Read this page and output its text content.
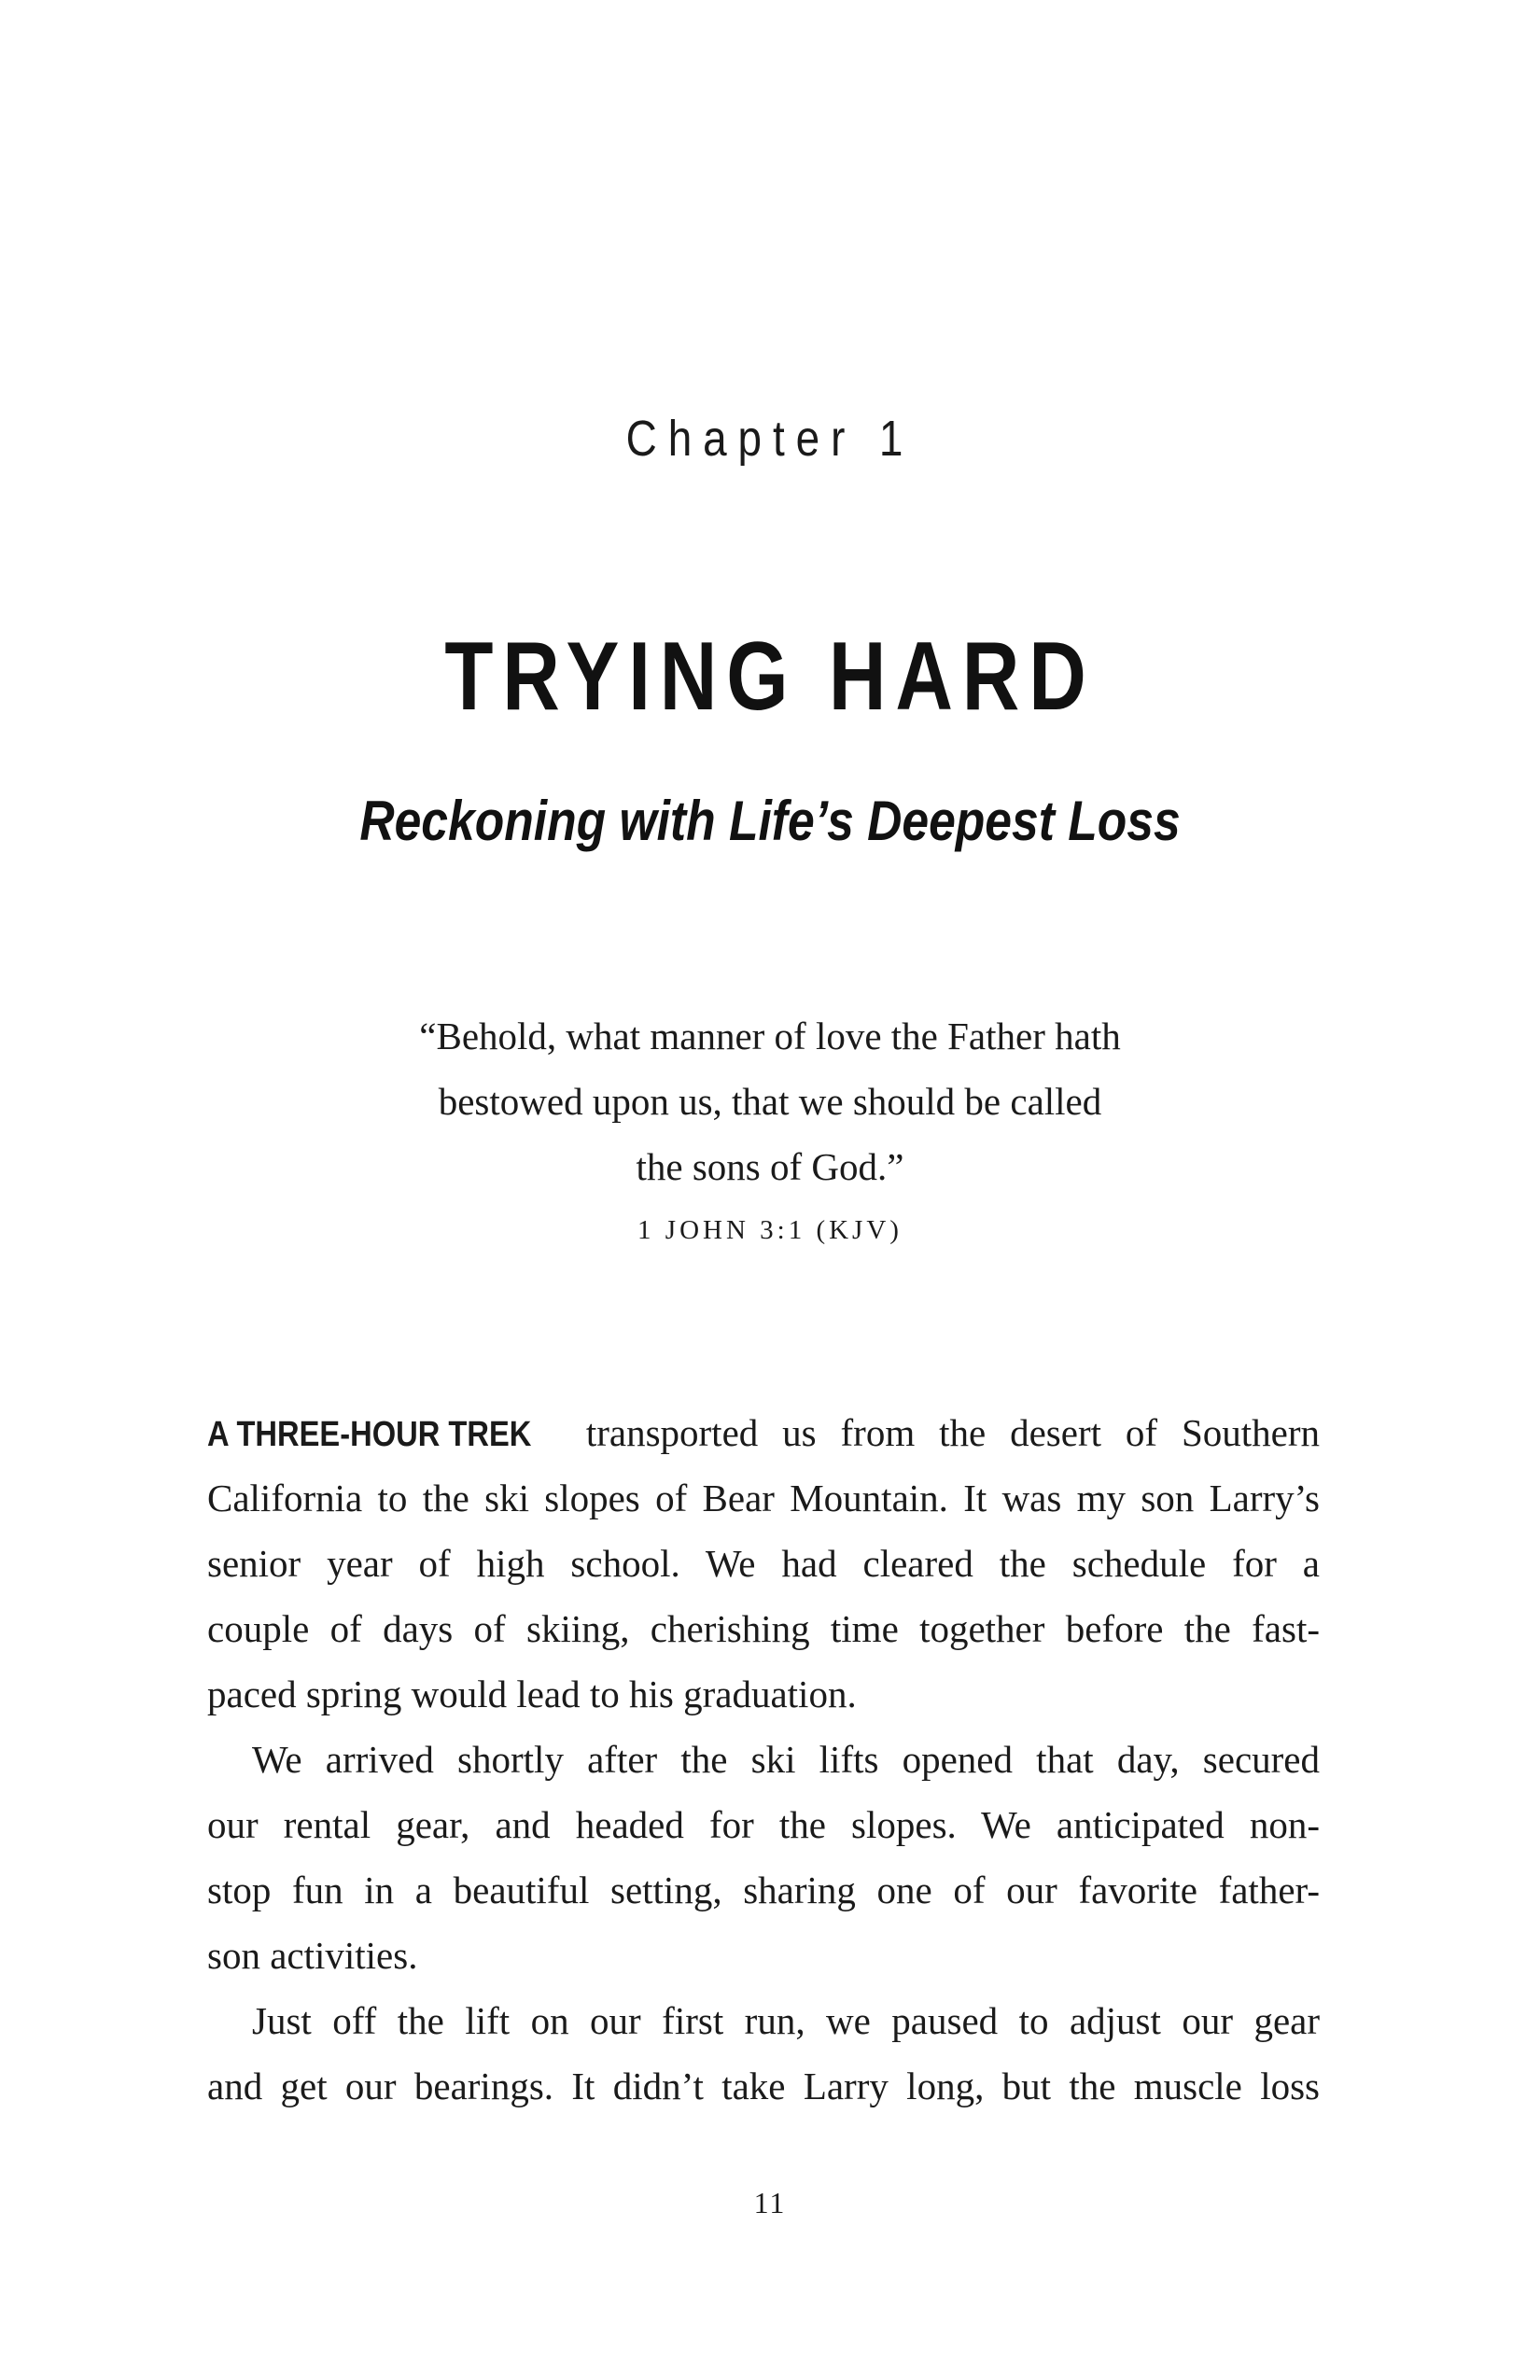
Chapter 1
TRYING HARD
Reckoning with Life’s Deepest Loss
“Behold, what manner of love the Father hath
bestowed upon us, that we should be called
the sons of God.”
1 JOHN 3:1 (KJV)
A THREE-HOUR TREK transported us from the desert of Southern
California to the ski slopes of Bear Mountain. It was my son Larry’s
senior year of high school. We had cleared the schedule for a
couple of days of skiing, cherishing time together before the fast-
paced spring would lead to his graduation.
We arrived shortly after the ski lifts opened that day, secured
our rental gear, and headed for the slopes. We anticipated non-
stop fun in a beautiful setting, sharing one of our favorite father-
son activities.
Just off the lift on our first run, we paused to adjust our gear
and get our bearings. It didn’t take Larry long, but the muscle loss
11
